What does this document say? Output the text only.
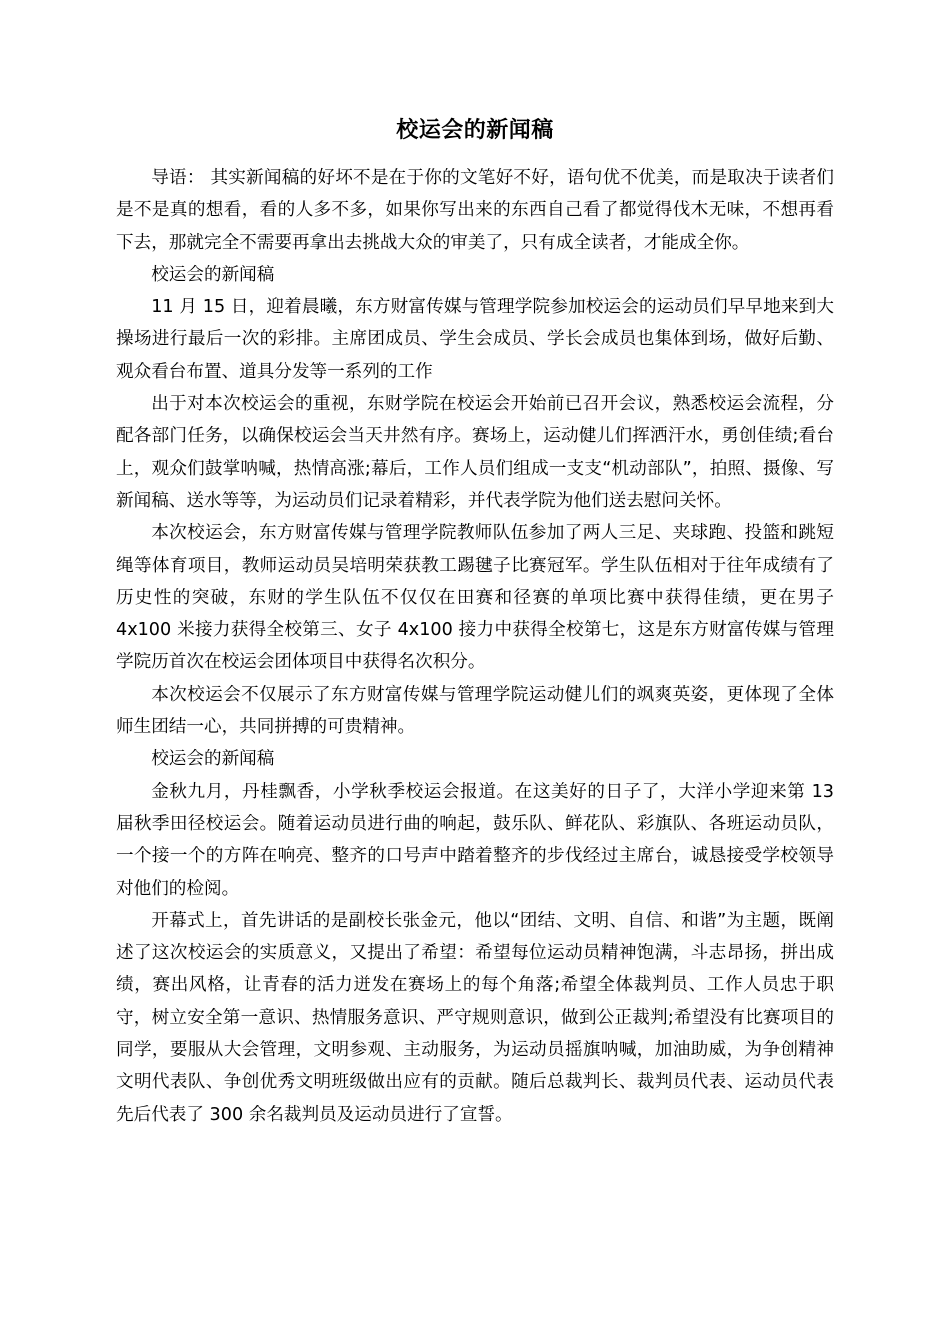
校运会的新闻稿

导语： 其实新闻稿的好坏不是在于你的文笔好不好，语句优不优美，而是取决于读者们是不是真的想看，看的人多不多，如果你写出来的东西自己看了都觉得伐木无味，不想再看下去，那就完全不需要再拿出去挑战大众的审美了，只有成全读者，才能成全你。

校运会的新闻稿

11 月 15 日，迎着晨曦，东方财富传媒与管理学院参加校运会的运动员们早早地来到大操场进行最后一次的彩排。主席团成员、学生会成员、学长会成员也集体到场，做好后勤、观众看台布置、道具分发等一系列的工作

出于对本次校运会的重视，东财学院在校运会开始前已召开会议，熟悉校运会流程，分配各部门任务，以确保校运会当天井然有序。赛场上，运动健儿们挥洒汗水，勇创佳绩;看台上，观众们鼓掌呐喊，热情高涨;幕后，工作人员们组成一支支“机动部队”，拍照、摄像、写新闻稿、送水等等，为运动员们记录着精彩，并代表学院为他们送去慰问关怀。

本次校运会，东方财富传媒与管理学院教师队伍参加了两人三足、夹球跑、投篮和跳短绳等体育项目，教师运动员吴培明荣获教工踢毽子比赛冠军。学生队伍相对于往年成绩有了历史性的突破，东财的学生队伍不仅仅在田赛和径赛的单项比赛中获得佳绩，更在男子 4x100 米接力获得全校第三、女子 4x100 接力中获得全校第七，这是东方财富传媒与管理学院历首次在校运会团体项目中获得名次积分。

本次校运会不仅展示了东方财富传媒与管理学院运动健儿们的飒爽英姿，更体现了全体师生团结一心，共同拼搏的可贵精神。

校运会的新闻稿

金秋九月，丹桂飘香，小学秋季校运会报道。在这美好的日子了，大洋小学迎来第 13 届秋季田径校运会。随着运动员进行曲的响起，鼓乐队、鲜花队、彩旗队、各班运动员队，一个接一个的方阵在响亮、整齐的口号声中踏着整齐的步伐经过主席台，诚恳接受学校领导对他们的检阅。

开幕式上，首先讲话的是副校长张金元，他以“团结、文明、自信、和谐”为主题，既阐述了这次校运会的实质意义，又提出了希望：希望每位运动员精神饱满，斗志昂扬，拼出成绩，赛出风格，让青春的活力迸发在赛场上的每个角落;希望全体裁判员、工作人员忠于职守，树立安全第一意识、热情服务意识、严守规则意识，做到公正裁判;希望没有比赛项目的同学，要服从大会管理，文明参观、主动服务，为运动员摇旗呐喊，加油助威，为争创精神文明代表队、争创优秀文明班级做出应有的贡献。随后总裁判长、裁判员代表、运动员代表先后代表了 300 余名裁判员及运动员进行了宣誓。
